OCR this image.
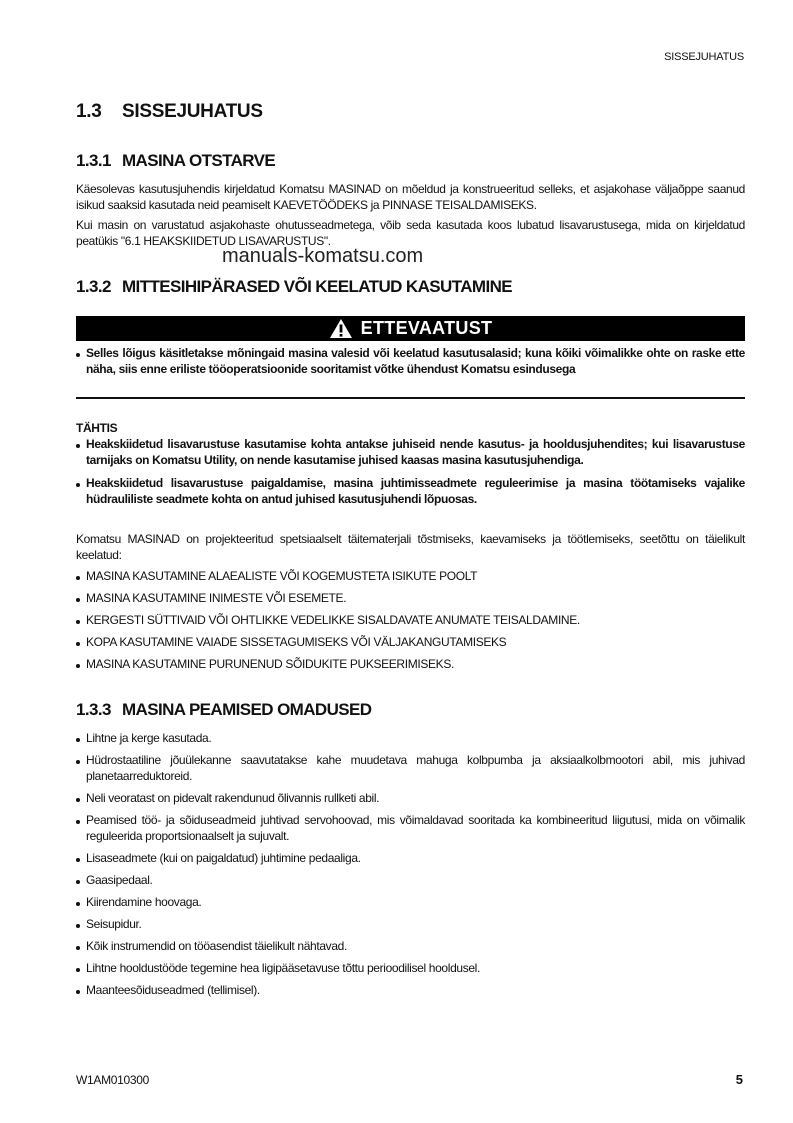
SISSEJUHATUS
1.3 SISSEJUHATUS
1.3.1 MASINA OTSTARVE

Käesolevas kasutusjuhendis kirjeldatud Komatsu MASINAD on mõeldud ja konstrueeritud selleks, et asjakohase väljaõppe saanud isikud saaksid kasutada neid peamiselt KAEVETÖÖDEKS ja PINNASE TEISALDAMISEKS.

Kui masin on varustatud asjakohaste ohutusseadmetega, võib seda kasutada koos lubatud lisavarustusega, mida on kirjeldatud peatükis "6.1 HEAKSKIIDETUD LISAVARUSTUS".

manuals-komatsu.com
1.3.2 MITTESIHIPÄRASED VÕI KEELATUD KASUTAMINE
ETTEVAATUST

Selles lõigus käsitletakse mõningaid masina valesid või keelatud kasutusalasid; kuna kõiki võimalikke ohte on raske ette näha, siis enne eriliste tööoperatsioonide sooritamist võtke ühendust Komatsu esindusega

TÄHTIS

Heakskiidetud lisavarustuse kasutamise kohta antakse juhiseid nende kasutus- ja hooldusjuhendites; kui lisavarustuse tarnijaks on Komatsu Utility, on nende kasutamise juhised kaasas masina kasutusjuhendiga.

Heakskiidetud lisavarustuse paigaldamise, masina juhtimisseadmete reguleerimise ja masina töötamiseks vajalike hüdrauliliste seadmete kohta on antud juhised kasutusjuhendi lõpuosas.

Komatsu MASINAD on projekteeritud spetsiaalselt täitematerjali tõstmiseks, kaevamiseks ja töötlemiseks, seetõttu on täielikult keelatud:

MASINA KASUTAMINE ALAEALISTE VÕI KOGEMUSTETA ISIKUTE POOLT

MASINA KASUTAMINE INIMESTE VÕI ESEMETE.

KERGESTI SÜTTIVAID VÕI OHTLIKKE VEDELIKKE SISALDAVATE ANUMATE TEISALDAMINE.

KOPA KASUTAMINE VAIADE SISSETAGUMISEKS VÕI VÄLJAKANGUTAMISEKS

MASINA KASUTAMINE PURUNENUD SÕIDUKITE PUKSEERIMISEKS.

1.3.3 MASINA PEAMISED OMADUSED

Lihtne ja kerge kasutada.

Hüdrostaatiline jõuülekanne saavutatakse kahe muudetava mahuga kolbpumba ja aksiaalkolbmootori abil, mis juhivad planetaarreduktoreid.

Neli veoratast on pidevalt rakendunud õlivannis rullketi abil.

Peamised töö- ja sõiduseadmeid juhtivad servohoovad, mis võimaldavad sooritada ka kombineeritud liigutusi, mida on võimalik reguleerida proportsionaalselt ja sujuvalt.

Lisaseadmete (kui on paigaldatud) juhtimine pedaaliga.

Gaasipedaal.

Kiirendamine hoovaga.

Seisupidur.

Kõik instrumendid on tööasendist täielikult nähtavad.

Lihtne hooldustööde tegemine hea ligipääsetavuse tõttu perioodilisel hooldusel.

Maanteesõiduseadmed (tellimisel).

W1AM010300	5
